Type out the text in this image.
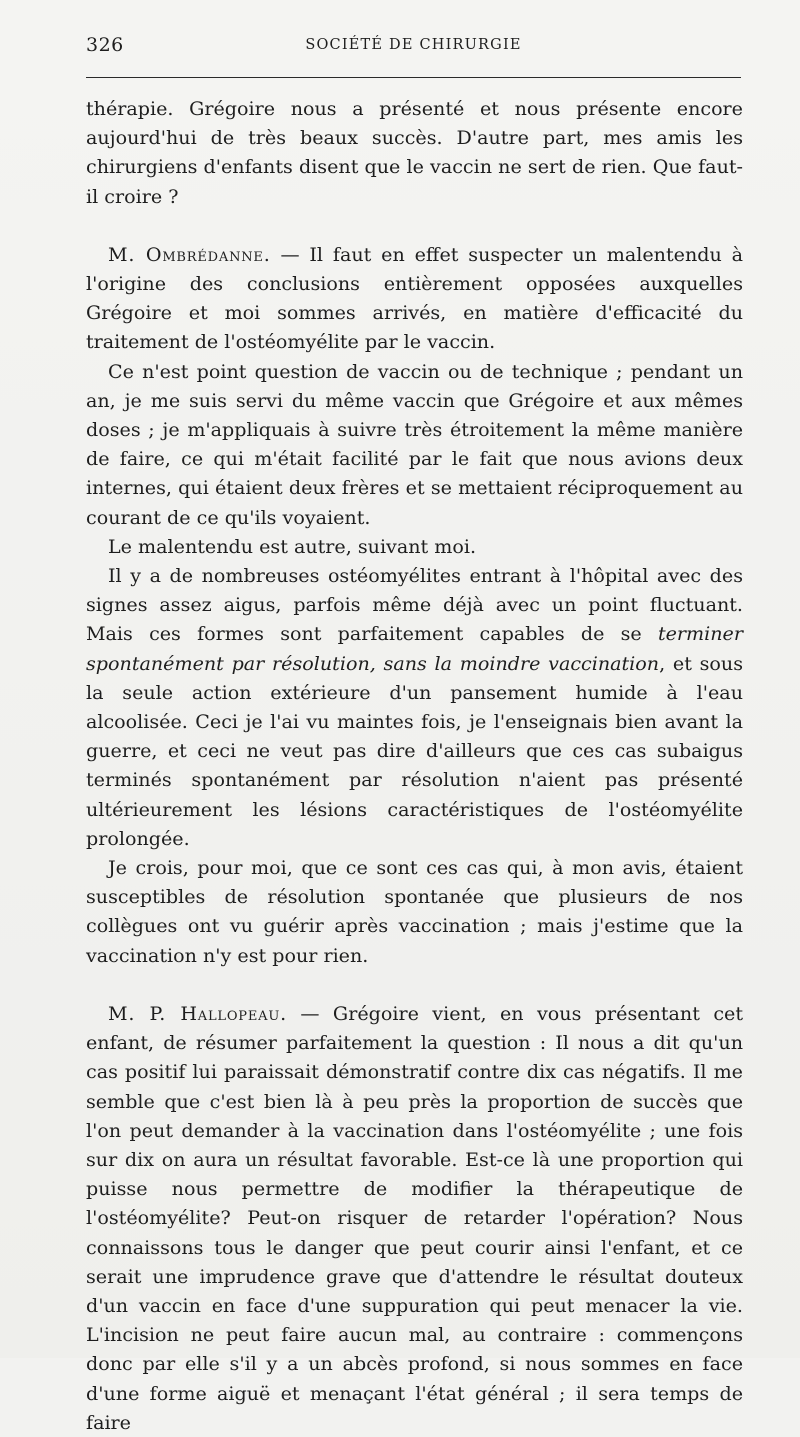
326	SOCIÉTÉ DE CHIRURGIE

thérapie. Grégoire nous a présenté et nous présente encore aujourd'hui de très beaux succès. D'autre part, mes amis les chirurgiens d'enfants disent que le vaccin ne sert de rien. Que faut-il croire ?

M. Ombrédanne. — Il faut en effet suspecter un malentendu à l'origine des conclusions entièrement opposées auxquelles Grégoire et moi sommes arrivés, en matière d'efficacité du traitement de l'ostéomyélite par le vaccin.

Ce n'est point question de vaccin ou de technique ; pendant un an, je me suis servi du même vaccin que Grégoire et aux mêmes doses ; je m'appliquais à suivre très étroitement la même manière de faire, ce qui m'était facilité par le fait que nous avions deux internes, qui étaient deux frères et se mettaient réciproquement au courant de ce qu'ils voyaient.

Le malentendu est autre, suivant moi.

Il y a de nombreuses ostéomyélites entrant à l'hôpital avec des signes assez aigus, parfois même déjà avec un point fluctuant. Mais ces formes sont parfaitement capables de se terminer spontanément par résolution, sans la moindre vaccination, et sous la seule action extérieure d'un pansement humide à l'eau alcoolisée. Ceci je l'ai vu maintes fois, je l'enseignais bien avant la guerre, et ceci ne veut pas dire d'ailleurs que ces cas subaigus terminés spontanément par résolution n'aient pas présenté ultérieurement les lésions caractéristiques de l'ostéomyélite prolongée.

Je crois, pour moi, que ce sont ces cas qui, à mon avis, étaient susceptibles de résolution spontanée que plusieurs de nos collègues ont vu guérir après vaccination ; mais j'estime que la vaccination n'y est pour rien.

M. P. Hallopeau. — Grégoire vient, en vous présentant cet enfant, de résumer parfaitement la question : Il nous a dit qu'un cas positif lui paraissait démonstratif contre dix cas négatifs. Il me semble que c'est bien là à peu près la proportion de succès que l'on peut demander à la vaccination dans l'ostéomyélite ; une fois sur dix on aura un résultat favorable. Est-ce là une proportion qui puisse nous permettre de modifier la thérapeutique de l'ostéomyélite? Peut-on risquer de retarder l'opération? Nous connaissons tous le danger que peut courir ainsi l'enfant, et ce serait une imprudence grave que d'attendre le résultat douteux d'un vaccin en face d'une suppuration qui peut menacer la vie. L'incision ne peut faire aucun mal, au contraire : commençons donc par elle s'il y a un abcès profond, si nous sommes en face d'une forme aiguë et menaçant l'état général ; il sera temps de faire
